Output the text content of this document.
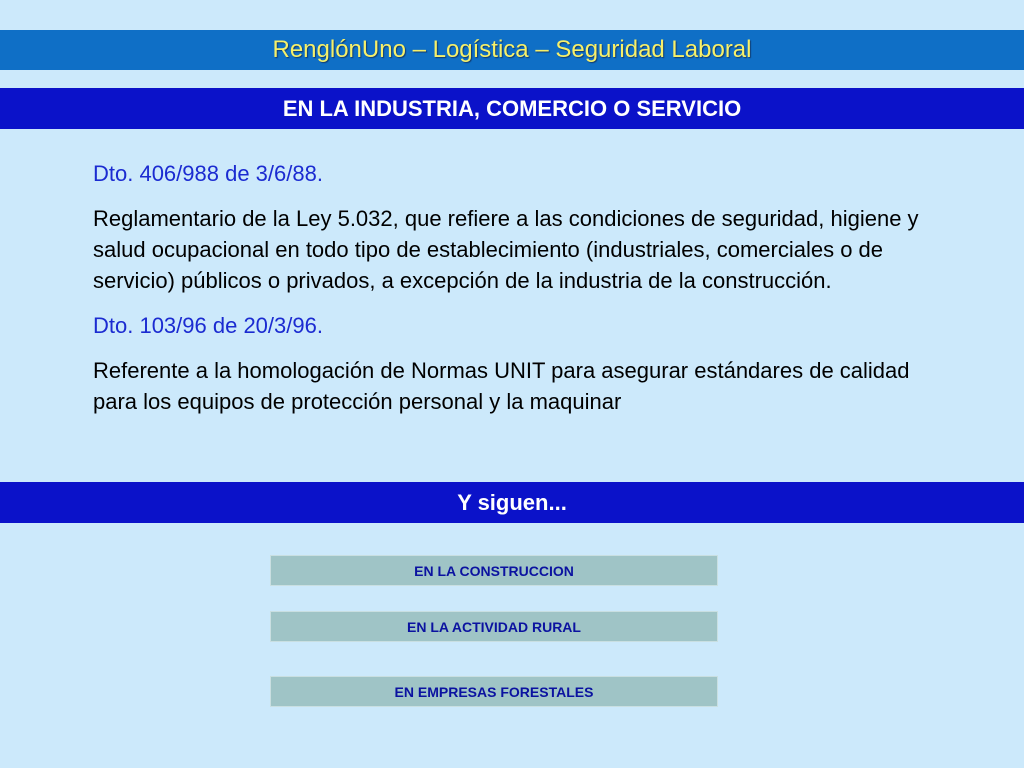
RenglónUno – Logística – Seguridad Laboral
EN LA INDUSTRIA, COMERCIO O SERVICIO

Dto. 406/988 de 3/6/88.

Reglamentario de la Ley 5.032, que refiere a las condiciones de seguridad, higiene y salud ocupacional en todo tipo de establecimiento (industriales, comerciales o de servicio) públicos o privados, a excepción de la industria de la construcción.

Dto. 103/96 de 20/3/96.

Referente a la homologación de Normas UNIT para asegurar estándares de calidad para los equipos de protección personal y la maquinar

Y siguen...
EN LA CONSTRUCCION
EN LA ACTIVIDAD RURAL
EN EMPRESAS FORESTALES
